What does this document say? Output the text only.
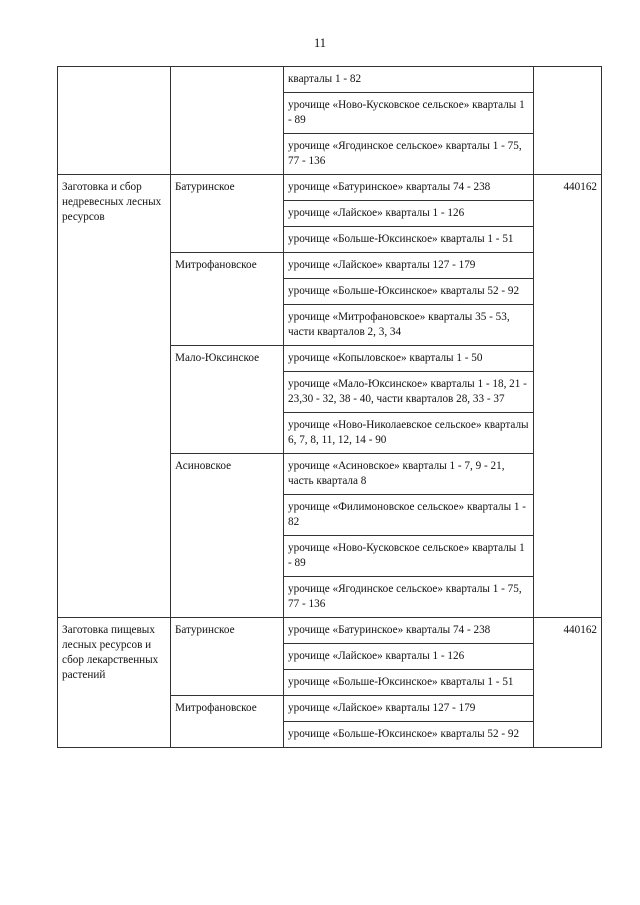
11
		кварталы 1 - 82	
		урочище «Ново-Кусковское сельское» кварталы 1 - 89	
		урочище «Ягодинское сельское» кварталы 1 - 75, 77 - 136	
Заготовка и сбор недревесных лесных ресурсов	Батуринское	урочище «Батуринское» кварталы 74 - 238	440162
		урочище «Лайское» кварталы 1 - 126	
		урочище «Больше-Юксинское» кварталы 1 - 51	
	Митрофановское	урочище «Лайское» кварталы 127 - 179	
		урочище «Больше-Юксинское» кварталы 52 - 92	
		урочище «Митрофановское» кварталы 35 - 53, части кварталов 2, 3, 34	
	Мало-Юксинское	урочище «Копыловское» кварталы 1 - 50	
		урочище «Мало-Юксинское» кварталы 1 - 18, 21 - 23,30 - 32, 38 - 40, части кварталов 28, 33 - 37	
		урочище «Ново-Николаевское сельское» кварталы 6, 7, 8, 11, 12, 14 - 90	
	Асиновское	урочище «Асиновское» кварталы 1 - 7, 9 - 21, часть квартала 8	
		урочище «Филимоновское сельское» кварталы 1 - 82	
		урочище «Ново-Кусковское сельское» кварталы 1 - 89	
		урочище «Ягодинское сельское» кварталы 1 - 75, 77 - 136	
Заготовка пищевых лесных ресурсов и сбор лекарственных растений	Батуринское	урочище «Батуринское» кварталы 74 - 238	440162
		урочище «Лайское» кварталы 1 - 126	
		урочище «Больше-Юксинское» кварталы 1 - 51	
	Митрофановское	урочище «Лайское» кварталы 127 - 179	
		урочище «Больше-Юксинское» кварталы 52 - 92	
